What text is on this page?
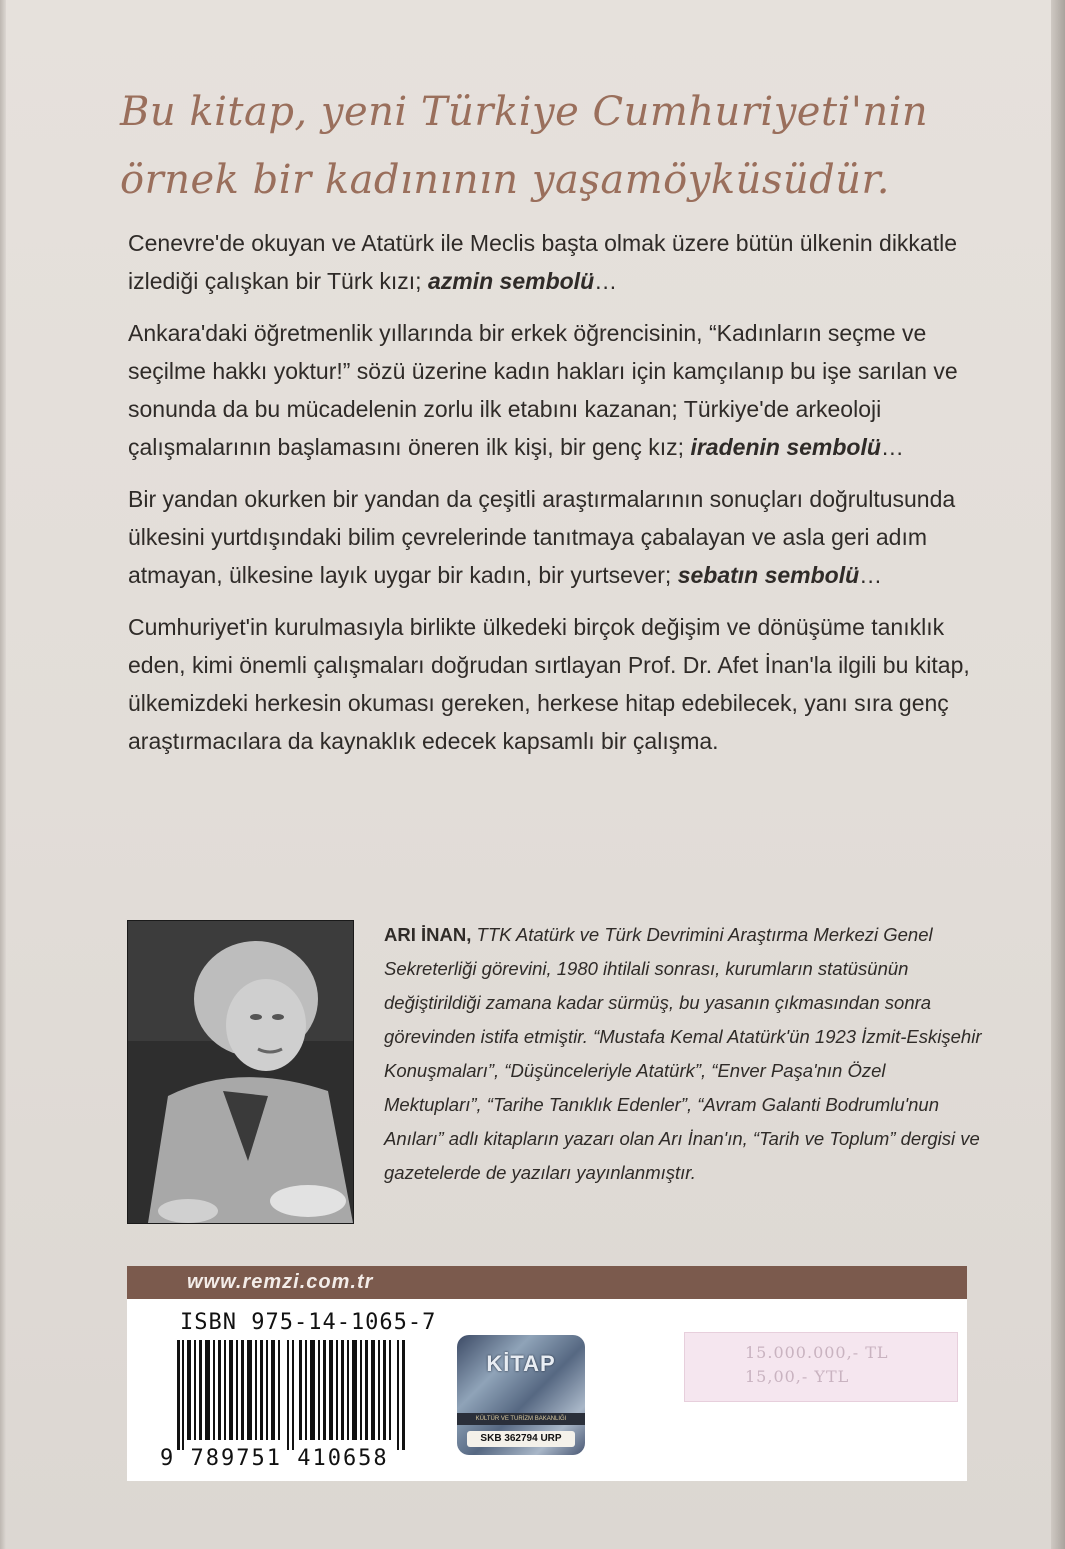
Bu kitap, yeni Türkiye Cumhuriyeti'nin
örnek bir kadınının yaşamöyküsüdür.

Cenevre'de okuyan ve Atatürk ile Meclis başta olmak üzere bütün ülkenin dikkatle izlediği çalışkan bir Türk kızı; azmin sembolü…

Ankara'daki öğretmenlik yıllarında bir erkek öğrencisinin, “Kadınların seçme ve seçilme hakkı yoktur!” sözü üzerine kadın hakları için kamçılanıp bu işe sarılan ve sonunda da bu mücadelenin zorlu ilk etabını kazanan; Türkiye'de arkeoloji çalışmalarının başlamasını öneren ilk kişi, bir genç kız; iradenin sembolü…

Bir yandan okurken bir yandan da çeşitli araştırmalarının sonuçları doğrultusunda ülkesini yurtdışındaki bilim çevrelerinde tanıtmaya çabalayan ve asla geri adım atmayan, ülkesine layık uygar bir kadın, bir yurtsever; sebatın sembolü…

Cumhuriyet'in kurulmasıyla birlikte ülkedeki birçok değişim ve dönüşüme tanıklık eden, kimi önemli çalışmaları doğrudan sırtlayan Prof. Dr. Afet İnan'la ilgili bu kitap, ülkemizdeki herkesin okuması gereken, herkese hitap edebilecek, yanı sıra genç araştırmacılara da kaynaklık edecek kapsamlı bir çalışma.

ARI İNAN, TTK Atatürk ve Türk Devrimini Araştırma Merkezi Genel Sekreterliği görevini, 1980 ihtilali sonrası, kurumların statüsünün değiştirildiği zamana kadar sürmüş, bu yasanın çıkmasından sonra görevinden istifa etmiştir. “Mustafa Kemal Atatürk'ün 1923 İzmit-Eskişehir Konuşmaları”, “Düşünceleriyle Atatürk”, “Enver Paşa'nın Özel Mektupları”, “Tarihe Tanıklık Edenler”, “Avram Galanti Bodrumlu'nun Anıları” adlı kitapların yazarı olan Arı İnan'ın, “Tarih ve Toplum” dergisi ve gazetelerde de yazıları yayınlanmıştır.
www.remzi.com.tr
ISBN 975-14-1065-7
9 789751 410658
KİTAP
KÜLTÜR VE TURİZM BAKANLIĞI
SKB 362794 URP
15.000.000,- TL
15,00,- YTL
